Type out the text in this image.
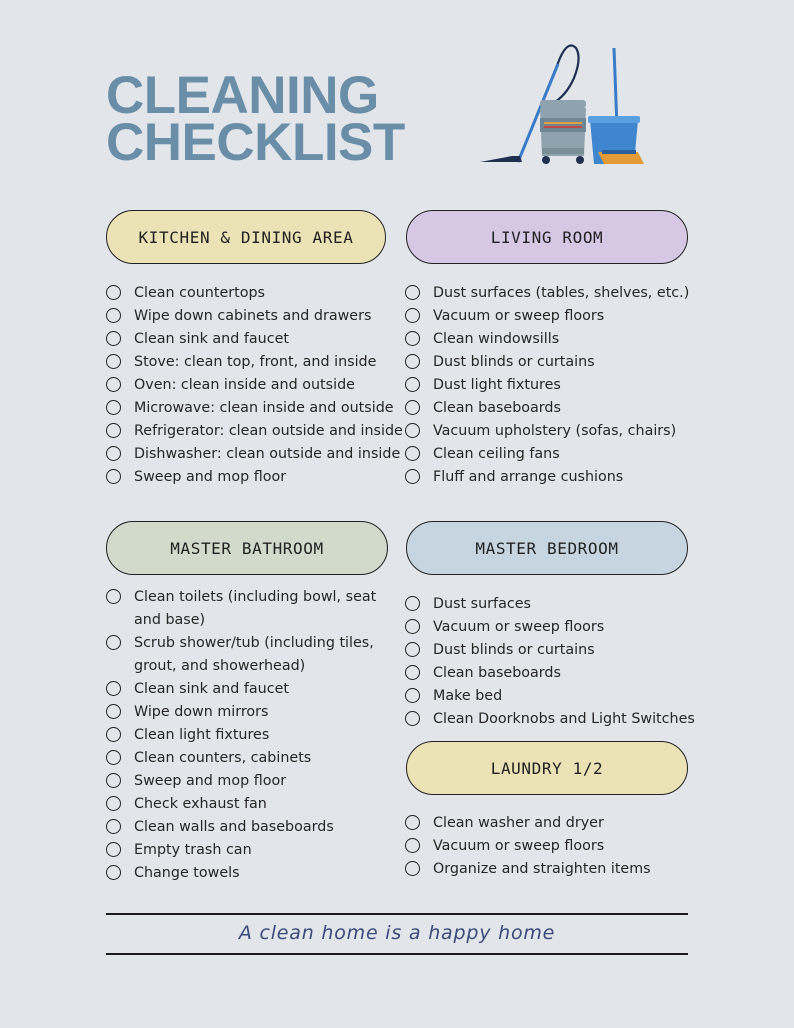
CLEANING
CHECKLIST
KITCHEN & DINING AREA
Clean countertops
Wipe down cabinets and drawers
Clean sink and faucet
Stove: clean top, front, and inside
Oven: clean inside and outside
Microwave: clean inside and outside
Refrigerator: clean outside and inside
Dishwasher: clean outside and inside
Sweep and mop floor
LIVING ROOM
Dust surfaces (tables, shelves, etc.)
Vacuum or sweep floors
Clean windowsills
Dust blinds or curtains
Dust light fixtures
Clean baseboards
Vacuum upholstery (sofas, chairs)
Clean ceiling fans
Fluff and arrange cushions
MASTER BATHROOM
Clean toilets (including bowl, seat and base)
Scrub shower/tub (including tiles, grout, and showerhead)
Clean sink and faucet
Wipe down mirrors
Clean light fixtures
Clean counters, cabinets
Sweep and mop floor
Check exhaust fan
Clean walls and baseboards
Empty trash can
Change towels
MASTER BEDROOM
Dust surfaces
Vacuum or sweep floors
Dust blinds or curtains
Clean baseboards
Make bed
Clean Doorknobs and Light Switches
LAUNDRY 1/2
Clean washer and dryer
Vacuum or sweep floors
Organize and straighten items
A clean home is a happy home
